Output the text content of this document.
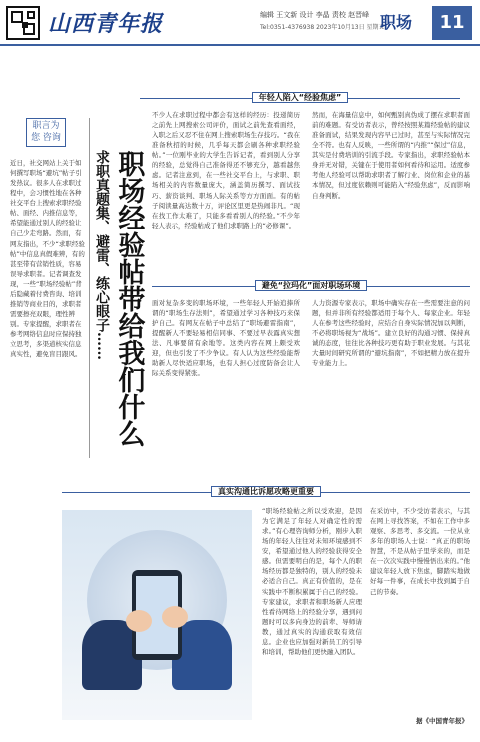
山西青年报	编辑 王文新 设计 李晶 责校 赵晋峰
Tel:0351-4376938 2023年10月13日 星期五
职场	11
年轻人陷入“经验焦虑”
职言为您 咨询
近日，社交网站上关于如何撰写职场“避坑”帖子引发热议。很多人在求职过程中，会习惯性地在各种社交平台上搜索求职经验帖、面经、内推信息等，希望能通过别人的经验让自己少走弯路。然而，有网友指出，不少“求职经验帖”中信息真假难辨，有的甚至带有营销性质，容易误导求职者。记者调查发现，一些“职场经验帖”背后隐藏着付费咨询、培训推销等商业目的，求职者需要擦亮双眼，理性辨别。专家提醒，求职者在参考网络信息时应保持独立思考，多渠道核实信息真实性，避免盲目跟风。 职场经验帖带给我们什么
求职真题集、避雷、练心眼子……
不少人在求职过程中都会有这样的经历：投递简历之前先上网搜索公司评价，面试之前先查看面经，入职之后又忍不住在网上搜索职场生存技巧。“我在准备秋招的时候，几乎每天都会刷各种求职经验帖。”一位刚毕业的大学生告诉记者，看到别人分享的经验，总觉得自己准备得还不够充分，越看越焦虑。记者注意到，在一些社交平台上，与求职、职场相关的内容数量庞大，涵盖简历撰写、面试技巧、薪资谈判、职场人际关系等方方面面。有的帖子阅读量高达数十万，评论区里更是热闹非凡。“现在找工作太难了，只能多看看别人的经验。”不少年轻人表示，经验帖成了他们求职路上的“必修课”。
然而，在海量信息中，如何甄别真伪成了摆在求职者面前的难题。有受访者表示，曾经按照某篇经验帖的建议准备面试，结果发现内容早已过时，甚至与实际情况完全不符。也有人反映，一些所谓的“内推”“保过”信息，其实是付费培训的引流手段。专家指出，求职经验帖本身并无对错，关键在于使用者如何看待和运用。适度参考他人经验可以帮助求职者了解行业、岗位和企业的基本情况，但过度依赖则可能陷入“经验焦虑”，反而影响自身判断。
避免“拉玛化”面对职场环境
面对复杂多变的职场环境，一些年轻人开始追捧所谓的“职场生存法则”，希望通过学习各种技巧来保护自己。有网友在帖子中总结了“职场避雷指南”，提醒新人不要轻易相信同事、不要过早表露真实想法、凡事要留有余地等。这类内容在网上颇受欢迎，但也引发了不少争议。有人认为这些经验能帮助新人尽快适应职场，也有人担心过度防备会让人际关系变得紧张。
人力资源专家表示，职场中确实存在一些需要注意的问题，但并非所有经验都适用于每个人、每家企业。年轻人在参考这些经验时，应结合自身实际情况加以判断，不必将职场视为“战场”。建立良好的沟通习惯、保持真诚的态度，往往比各种技巧更有助于职业发展。与其花大量时间研究所谓的“避坑指南”，不如把精力放在提升专业能力上。
真实沟通比诉愿攻略更重要
“职场经验帖之所以受欢迎，是因为它满足了年轻人对确定性的需求。”有心理咨询师分析，刚步入职场的年轻人往往对未知环境感到不安，希望通过他人的经验获得安全感。但需要明白的是，每个人的职场经历都是独特的，别人的经验未必适合自己。真正有价值的，是在实践中不断积累属于自己的经验。专家建议，求职者和职场新人应理性看待网络上的经验分享，遇到问题时可以多向身边的前辈、导师请教，通过真实的沟通获取有效信息。企业也应加强对新员工的引导和培训，帮助他们更快融入团队。
在采访中，不少受访者表示，与其在网上寻找答案，不如在工作中多观察、多思考、多交流。一位从业多年的职场人士说：“真正的职场智慧，不是从帖子里学来的，而是在一次次实践中慢慢悟出来的。”他建议年轻人放下焦虑，脚踏实地做好每一件事，在成长中找到属于自己的节奏。
据《中国青年报》
